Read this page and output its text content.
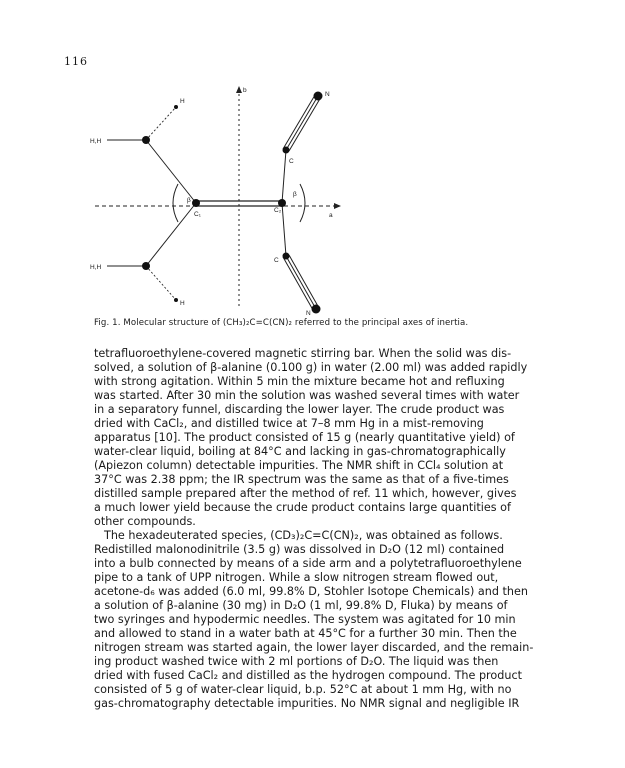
116
H
b
N
H,H
C
β
C₁
C₂
β
a
H,H
C
H
N
Fig. 1. Molecular structure of (CH₃)₂C=C(CN)₂ referred to the principal axes of inertia.

tetrafluoroethylene-covered magnetic stirring bar. When the solid was dis-
solved, a solution of β-alanine (0.100 g) in water (2.00 ml) was added rapidly
with strong agitation. Within 5 min the mixture became hot and refluxing
was started. After 30 min the solution was washed several times with water
in a separatory funnel, discarding the lower layer. The crude product was
dried with CaCl₂, and distilled twice at 7–8 mm Hg in a mist-removing
apparatus [10]. The product consisted of 15 g (nearly quantitative yield) of
water-clear liquid, boiling at 84°C and lacking in gas-chromatographically
(Apiezon column) detectable impurities. The NMR shift in CCl₄ solution at
37°C was 2.38 ppm; the IR spectrum was the same as that of a five-times
distilled sample prepared after the method of ref. 11 which, however, gives
a much lower yield because the crude product contains large quantities of
other compounds.

The hexadeuterated species, (CD₃)₂C=C(CN)₂, was obtained as follows.
Redistilled malonodinitrile (3.5 g) was dissolved in D₂O (12 ml) contained
into a bulb connected by means of a side arm and a polytetrafluoroethylene
pipe to a tank of UPP nitrogen. While a slow nitrogen stream flowed out,
acetone-d₆ was added (6.0 ml, 99.8% D, Stohler Isotope Chemicals) and then
a solution of β-alanine (30 mg) in D₂O (1 ml, 99.8% D, Fluka) by means of
two syringes and hypodermic needles. The system was agitated for 10 min
and allowed to stand in a water bath at 45°C for a further 30 min. Then the
nitrogen stream was started again, the lower layer discarded, and the remain-
ing product washed twice with 2 ml portions of D₂O. The liquid was then
dried with fused CaCl₂ and distilled as the hydrogen compound. The product
consisted of 5 g of water-clear liquid, b.p. 52°C at about 1 mm Hg, with no
gas-chromatography detectable impurities. No NMR signal and negligible IR
